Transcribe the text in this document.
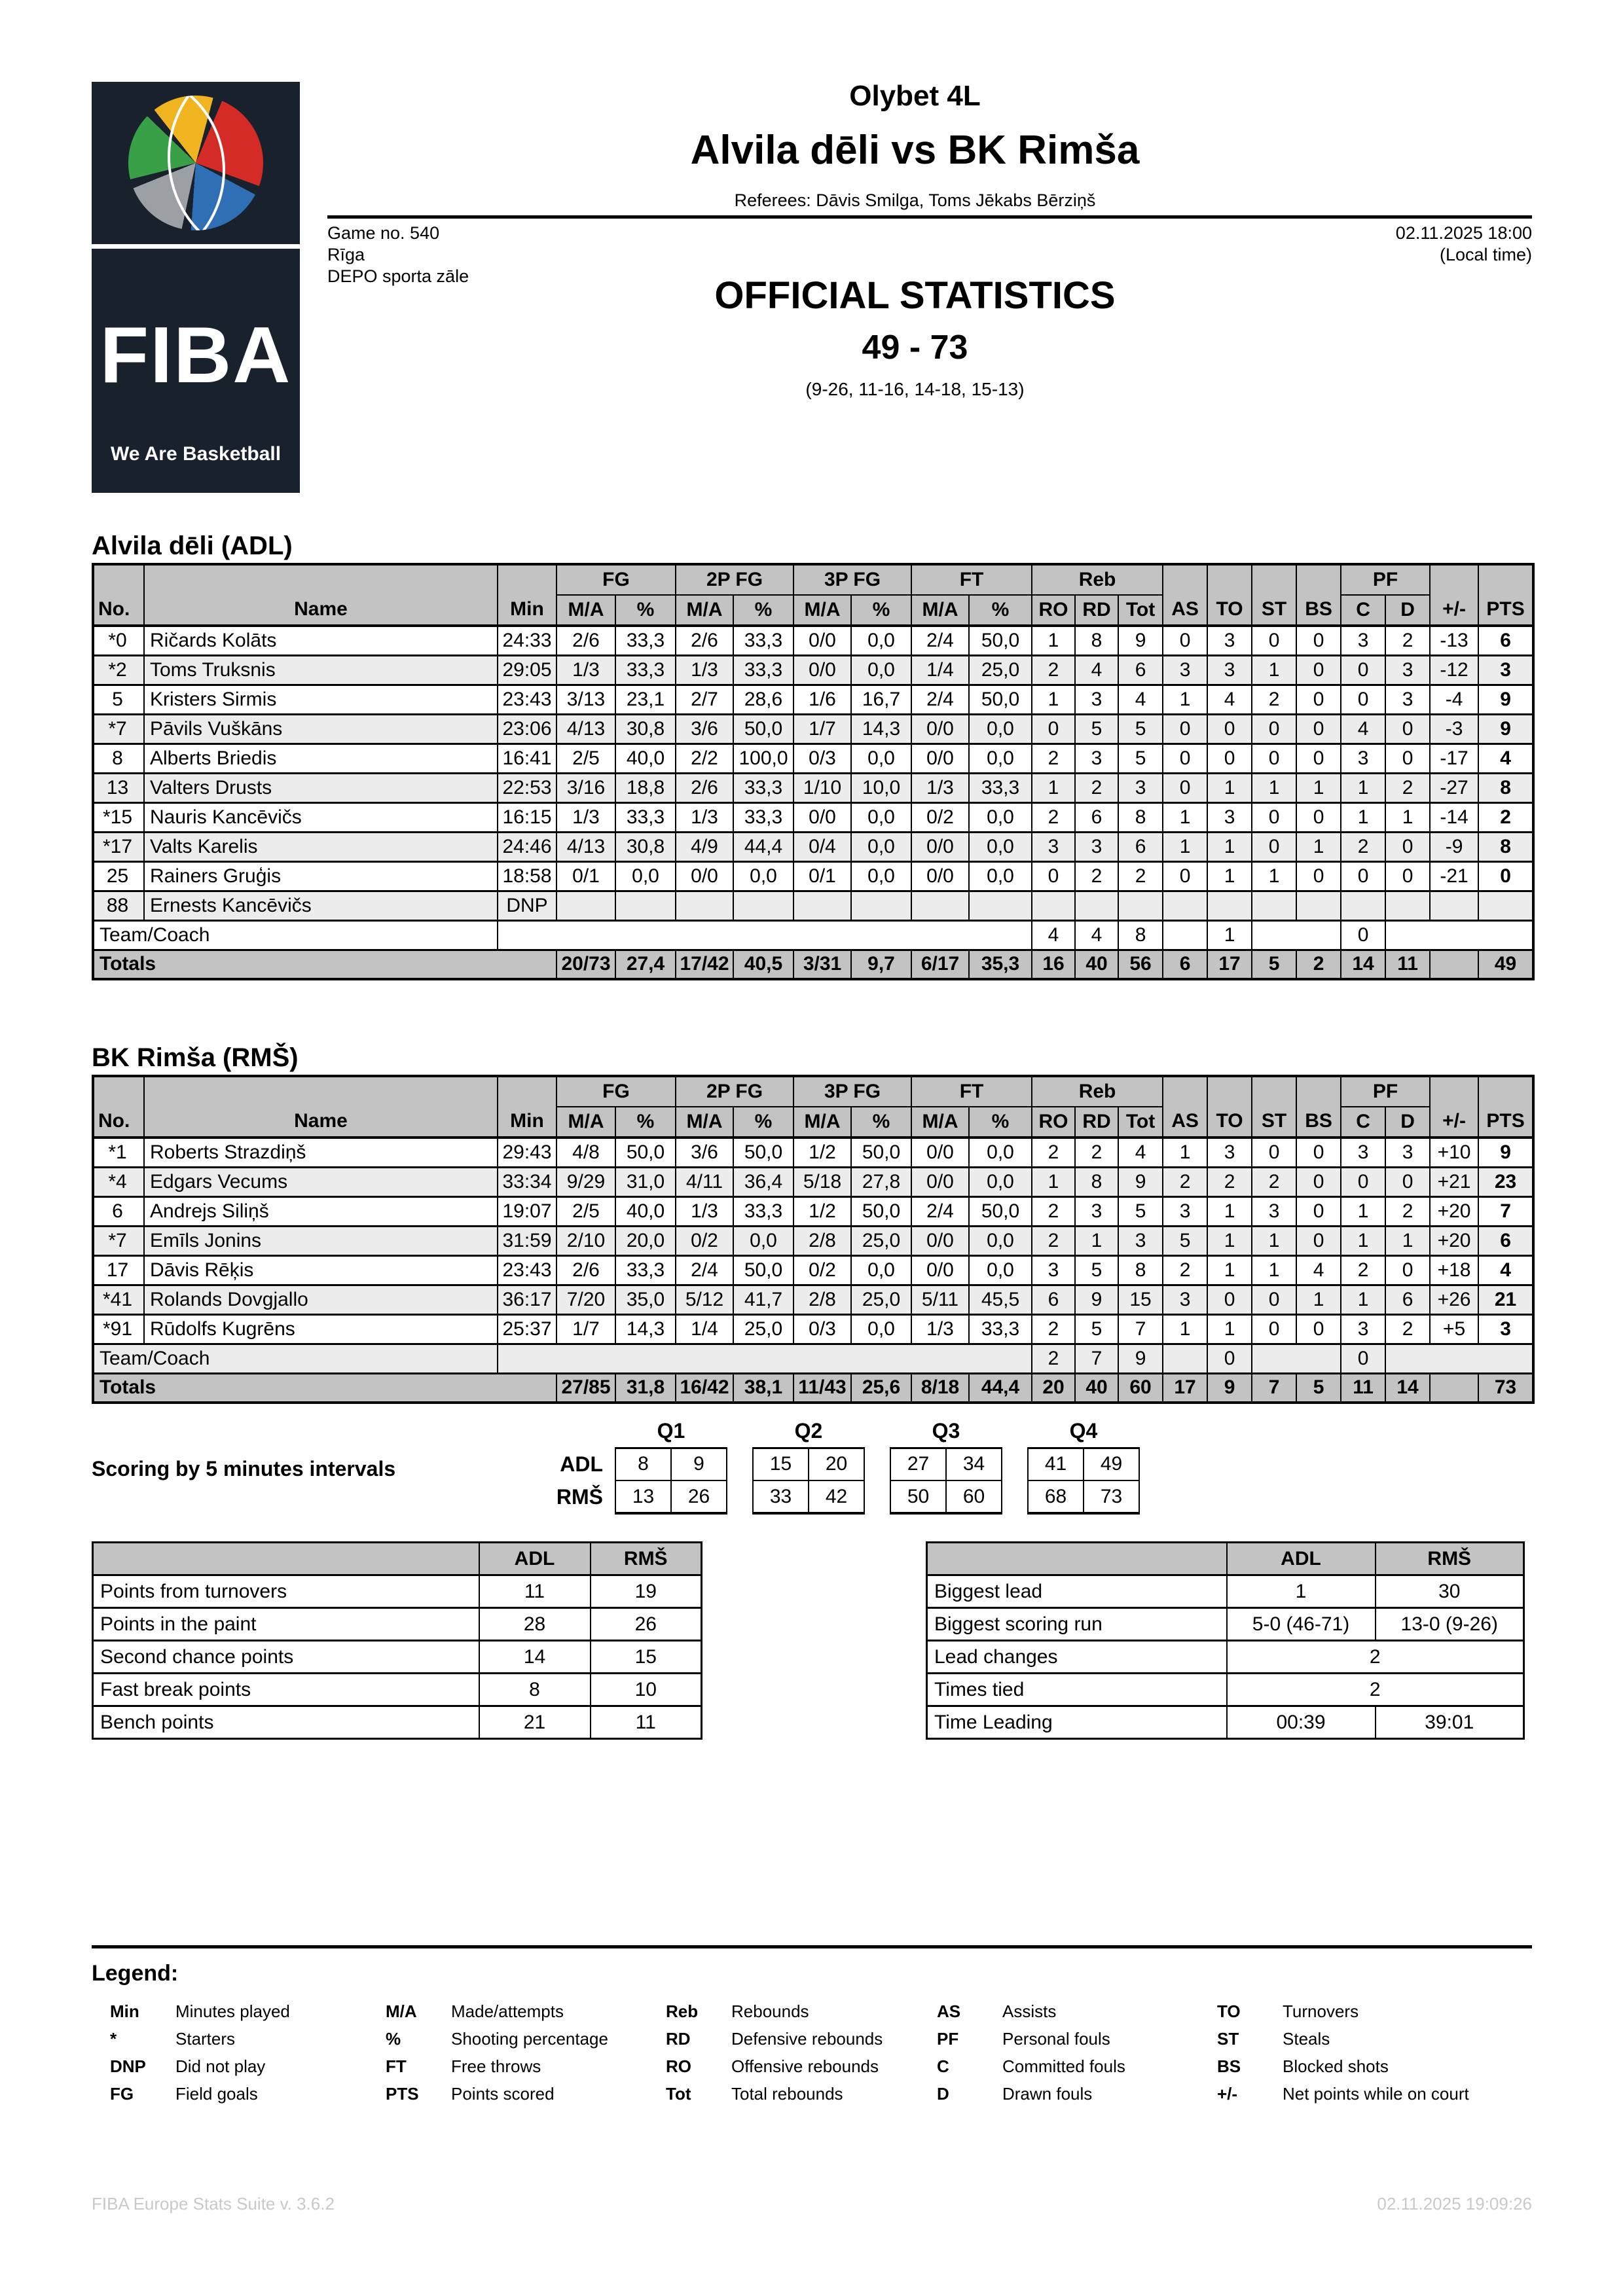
FIBA
We Are Basketball
Olybet 4L
Alvila dēli vs BK Rimša
Referees: Dāvis Smilga, Toms Jēkabs Bērziņš
Game no. 540
Rīga
DEPO sporta zāle
02.11.2025 18:00
(Local time)
OFFICIAL STATISTICS
49 - 73
(9-26, 11-16, 14-18, 15-13)
Alvila dēli (ADL)
BK Rimša (RMŠ)
No.	Name	Min	FG		2P FG		3P FG		FT		Reb			AS	TO	ST	BS	PF		+/-	PTS
			M/A	%	M/A	%	M/A	%	M/A	%	RO	RD	Tot					C	D		
*0	Ričards Kolāts	24:33	2/6	33,3	2/6	33,3	0/0	0,0	2/4	50,0	1	8	9	0	3	0	0	3	2	-13	6
*2	Toms Truksnis	29:05	1/3	33,3	1/3	33,3	0/0	0,0	1/4	25,0	2	4	6	3	3	1	0	0	3	-12	3
5	Kristers Sirmis	23:43	3/13	23,1	2/7	28,6	1/6	16,7	2/4	50,0	1	3	4	1	4	2	0	0	3	-4	9
*7	Pāvils Vuškāns	23:06	4/13	30,8	3/6	50,0	1/7	14,3	0/0	0,0	0	5	5	0	0	0	0	4	0	-3	9
8	Alberts Briedis	16:41	2/5	40,0	2/2	100,0	0/3	0,0	0/0	0,0	2	3	5	0	0	0	0	3	0	-17	4
13	Valters Drusts	22:53	3/16	18,8	2/6	33,3	1/10	10,0	1/3	33,3	1	2	3	0	1	1	1	1	2	-27	8
*15	Nauris Kancēvičs	16:15	1/3	33,3	1/3	33,3	0/0	0,0	0/2	0,0	2	6	8	1	3	0	0	1	1	-14	2
*17	Valts Karelis	24:46	4/13	30,8	4/9	44,4	0/4	0,0	0/0	0,0	3	3	6	1	1	0	1	2	0	-9	8
25	Rainers Gruģis	18:58	0/1	0,0	0/0	0,0	0/1	0,0	0/0	0,0	0	2	2	0	1	1	0	0	0	-21	0
88	Ernests Kancēvičs	DNP																			
Team/Coach											4	4	8		1			0			
Totals			20/73	27,4	17/42	40,5	3/31	9,7	6/17	35,3	16	40	56	6	17	5	2	14	11		49
No.	Name	Min	FG		2P FG		3P FG		FT		Reb			AS	TO	ST	BS	PF		+/-	PTS
			M/A	%	M/A	%	M/A	%	M/A	%	RO	RD	Tot					C	D		
*1	Roberts Strazdiņš	29:43	4/8	50,0	3/6	50,0	1/2	50,0	0/0	0,0	2	2	4	1	3	0	0	3	3	+10	9
*4	Edgars Vecums	33:34	9/29	31,0	4/11	36,4	5/18	27,8	0/0	0,0	1	8	9	2	2	2	0	0	0	+21	23
6	Andrejs Siliņš	19:07	2/5	40,0	1/3	33,3	1/2	50,0	2/4	50,0	2	3	5	3	1	3	0	1	2	+20	7
*7	Emīls Jonins	31:59	2/10	20,0	0/2	0,0	2/8	25,0	0/0	0,0	2	1	3	5	1	1	0	1	1	+20	6
17	Dāvis Rēķis	23:43	2/6	33,3	2/4	50,0	0/2	0,0	0/0	0,0	3	5	8	2	1	1	4	2	0	+18	4
*41	Rolands Dovgjallo	36:17	7/20	35,0	5/12	41,7	2/8	25,0	5/11	45,5	6	9	15	3	0	0	1	1	6	+26	21
*91	Rūdolfs Kugrēns	25:37	1/7	14,3	1/4	25,0	0/3	0,0	1/3	33,3	2	5	7	1	1	0	0	3	2	+5	3
Team/Coach											2	7	9		0			0			
Totals			27/85	31,8	16/42	38,1	11/43	25,6	8/18	44,4	20	40	60	17	9	7	5	11	14		73
Scoring by 5 minutes intervals
	Q1			Q2			Q3			Q4	
ADL	8	9		15	20		27	34		41	49
RMŠ	13	26		33	42		50	60		68	73
	ADL	RMŠ
Points from turnovers	11	19
Points in the paint	28	26
Second chance points	14	15
Fast break points	8	10
Bench points	21	11
	ADL	RMŠ
Biggest lead	1	30
Biggest scoring run	5-0 (46-71)	13-0 (9-26)
Lead changes	2	
Times tied	2	
Time Leading	00:39	39:01
Legend:
Min Minutes played
*	Starters
DNP Did not play
FG Field goals
M/A Made/attempts
%	Shooting percentage
FT	Free throws
PTS Points scored
Reb Rebounds
RD Defensive rebounds
RO Offensive rebounds
Tot Total rebounds
AS Assists
PF	Personal fouls
C	Committed fouls
D	Drawn fouls
TO Turnovers
ST	Steals
BS Blocked shots
+/-	Net points while on court
FIBA Europe Stats Suite v. 3.6.2	02.11.2025 19:09:26
